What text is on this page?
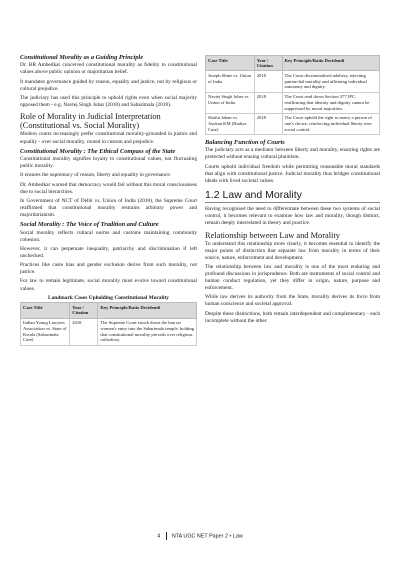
Constitutional Morality as a Guiding Principle

Dr. BR Ambedkar conceived constitutional morality as fidelity to constitutional values above public opinion or majoritarian belief.

It mandates governance guided by reason, equality and justice, not by religious or cultural prejudice.

The judiciary has used this principle to uphold rights even when social majority opposed them - e.g. Navtej Singh Johar (2018) and Sabarimala (2018).

Role of Morality in Judicial Interpretation (Constitutional vs. Social Morality)

Modern courts increasingly prefer constitutional morality-grounded in justice and equality - over social morality, rooted in custom and prejudice.

Constitutional Morality : The Ethical Compass of the State

Constitutional morality signifies loyalty to constitutional values, not fluctuating public morality.

It ensures the supremacy of reason, liberty and equality in governance.

Dr. Ambedkar warned that democracy would fail without this moral consciousness due to social hierarchies.

In Government of NCT of Delhi vs. Union of India (2018), the Supreme Court reaffirmed that constitutional morality restrains arbitrary power and majoritarianism.

Social Morality : The Voice of Tradition and Culture

Social morality reflects cultural norms and customs maintaining community cohesion.

However, it can perpetuate inequality, patriarchy and discrimination if left unchecked.

Practices like caste bias and gender exclusion derive from such morality, not justice.

For law to remain legitimate, social morality must evolve toward constitutional values.

Landmark Cases Upholding Constitutional Morality
Case Title	Year / Citation	Key Principle/Ratio Decidendi
Indian Young Lawyers Association vs. State of Kerala (Sabarimala Case)	2018	The Supreme Court struck down the ban on women's entry into the Sabarimala temple, holding that constitutional morality prevails over religious orthodoxy.
Case Title	Year / Citation	Key Principle/Ratio Decidendi
Joseph Shine vs. Union of India	2018	The Court decriminalised adultery, rejecting patriarchal morality and affirming individual autonomy and dignity.
Navtej Singh Johar vs. Union of India	2018	The Court read down Section 377 IPC, reaffirming that identity and dignity cannot be suppressed by moral majorities.
Shafin Jahan vs. Asokan KM (Hadiya Case)	2018	The Court upheld the right to marry a person of one's choice, reinforcing individual liberty over social control.
Balancing Function of Courts

The judiciary acts as a mediator between liberty and morality, ensuring rights are protected without erasing cultural pluralism.

Courts uphold individual freedom while permitting reasonable moral standards that align with constitutional justice. Judicial morality thus bridges constitutional ideals with lived societal values.

1.2 Law and Morality

Having recognised the need to differentiate between these two systems of social control, it becomes relevant to examine how law and morality, though distinct, remain deeply interrelated in theory and practice.

Relationship between Law and Morality

To understand this relationship more clearly, it becomes essential to identify the major points of distinction that separate law from morality in terms of their source, nature, enforcement and development.

The relationship between law and morality is one of the most enduring and profound discussions in jurisprudence. Both are instruments of social control and human conduct regulation, yet they differ in origin, nature, purpose and enforcement.

While law derives its authority from the State, morality derives its force from human conscience and societal approval.

Despite these distinctions, both remain interdependent and complementary - each incomplete without the other.

4 NTA UGC NET Paper 2 • Law
